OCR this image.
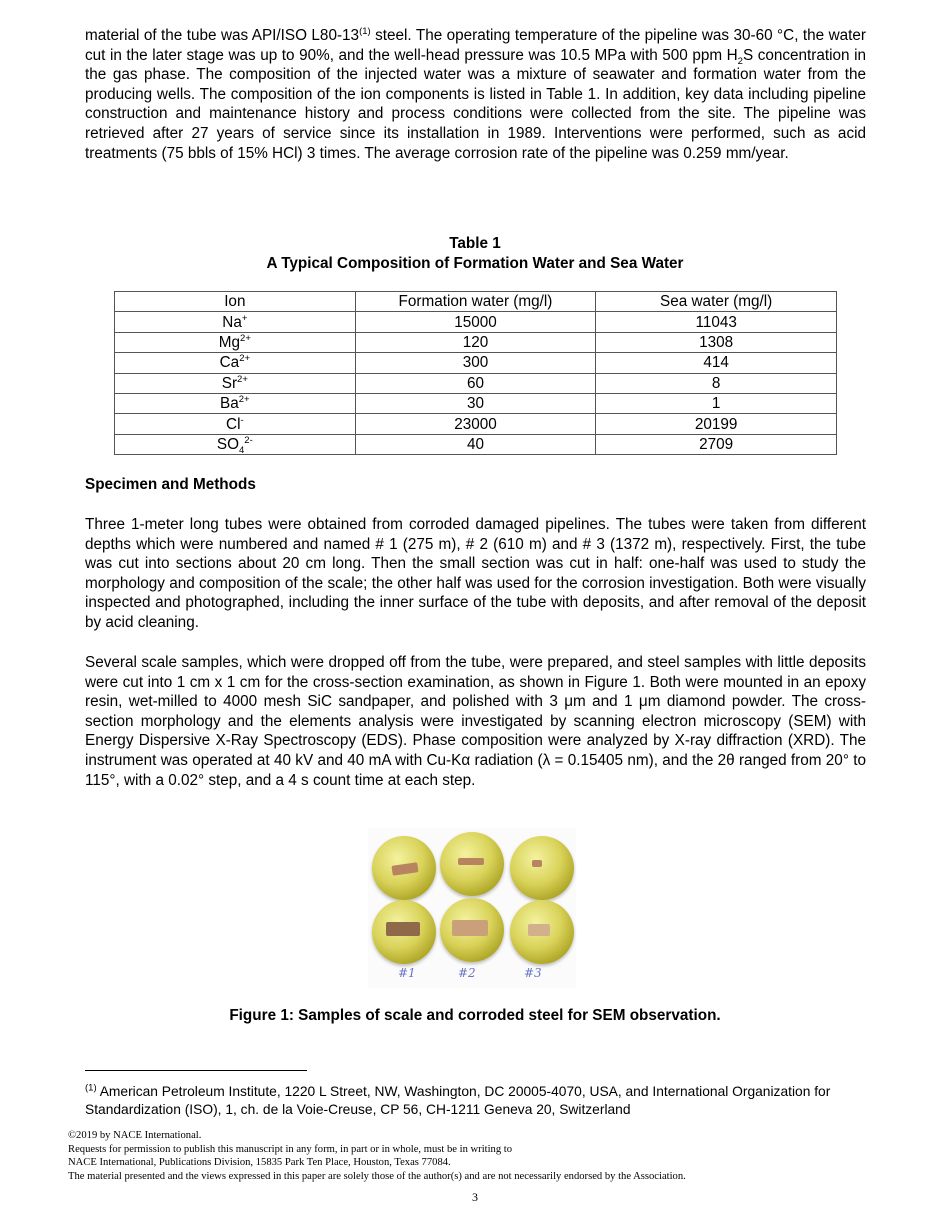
material of the tube was API/ISO L80-13$^{(1)}$ steel. The operating temperature of the pipeline was 30-60 °C, the water cut in the later stage was up to 90%, and the well-head pressure was 10.5 MPa with 500 ppm $H_2S$ concentration in the gas phase. The composition of the injected water was a mixture of seawater and formation water from the producing wells. The composition of the ion components is listed in Table 1. In addition, key data including pipeline construction and maintenance history and process conditions were collected from the site. The pipeline was retrieved after 27 years of service since its installation in 1989. Interventions were performed, such as acid treatments (75 bbls of 15% HCl) 3 times. The average corrosion rate of the pipeline was 0.259 mm/year.

Table 1

A Typical Composition of Formation Water and Sea Water

Ion	Formation water (mg/l)	Sea water (mg/l)
Na+	15000	11043
$Mg^{2+}$	120	1308
$Ca^{2+}$	300	414
$Sr^{2+}$	60	8
$Ba^{2+}$	30	1
Cl-	23000	20199
$SO_4^{2-}$	40	2709

Specimen and Methods

Three 1-meter long tubes were obtained from corroded damaged pipelines. The tubes were taken from different depths which were numbered and named # 1 (275 m), # 2 (610 m) and # 3 (1372 m), respectively. First, the tube was cut into sections about 20 cm long. Then the small section was cut in half: one-half was used to study the morphology and composition of the scale; the other half was used for the corrosion investigation. Both were visually inspected and photographed, including the inner surface of the tube with deposits, and after removal of the deposit by acid cleaning.

Several scale samples, which were dropped off from the tube, were prepared, and steel samples with little deposits were cut into 1 cm x 1 cm for the cross-section examination, as shown in Figure 1. Both were mounted in an epoxy resin, wet-milled to 4000 mesh SiC sandpaper, and polished with 3 μm and 1 μm diamond powder. The cross-section morphology and the elements analysis were investigated by scanning electron microscopy (SEM) with Energy Dispersive X-Ray Spectroscopy (EDS). Phase composition were analyzed by X-ray diffraction (XRD). The instrument was operated at 40 kV and 40 mA with Cu-Kα radiation (λ = 0.15405 nm), and the 2θ ranged from 20° to 115°, with a 0.02° step, and a 4 s count time at each step.

#1	#2	#3

Figure 1: Samples of scale and corroded steel for SEM observation.

$^{(1)}$ American Petroleum Institute, 1220 L Street, NW, Washington, DC 20005-4070, USA, and International Organization for Standardization (ISO), 1, ch. de la Voie-Creuse, CP 56, CH-1211 Geneva 20, Switzerland

©2019 by NACE International.
Requests for permission to publish this manuscript in any form, in part or in whole, must be in writing to
NACE International, Publications Division, 15835 Park Ten Place, Houston, Texas 77084.
The material presented and the views expressed in this paper are solely those of the author(s) and are not necessarily endorsed by the Association.
3
